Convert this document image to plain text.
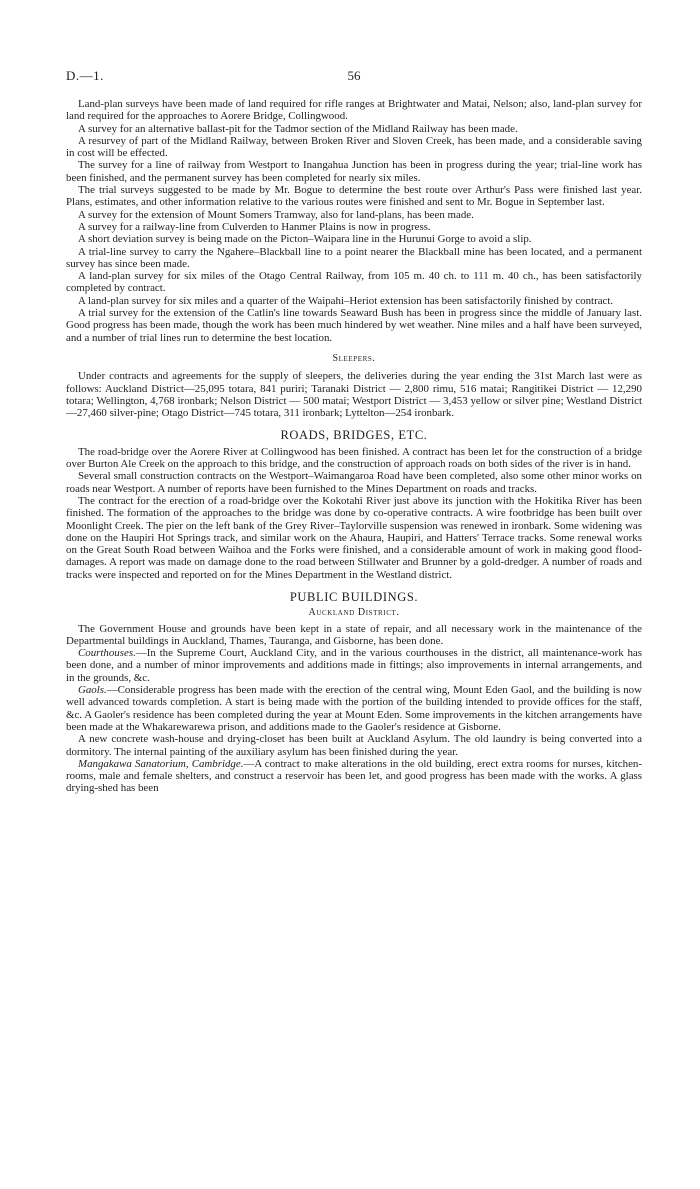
D.—1.	56

Land-plan surveys have been made of land required for rifle ranges at Brightwater and Matai, Nelson; also, land-plan survey for land required for the approaches to Aorere Bridge, Collingwood.

A survey for an alternative ballast-pit for the Tadmor section of the Midland Railway has been made.

A resurvey of part of the Midland Railway, between Broken River and Sloven Creek, has been made, and a considerable saving in cost will be effected.

The survey for a line of railway from Westport to Inangahua Junction has been in progress during the year; trial-line work has been finished, and the permanent survey has been completed for nearly six miles.

The trial surveys suggested to be made by Mr. Bogue to determine the best route over Arthur's Pass were finished last year. Plans, estimates, and other information relative to the various routes were finished and sent to Mr. Bogue in September last.

A survey for the extension of Mount Somers Tramway, also for land-plans, has been made.

A survey for a railway-line from Culverden to Hanmer Plains is now in progress.

A short deviation survey is being made on the Picton–Waipara line in the Hurunui Gorge to avoid a slip.

A trial-line survey to carry the Ngahere–Blackball line to a point nearer the Blackball mine has been located, and a permanent survey has since been made.

A land-plan survey for six miles of the Otago Central Railway, from 105 m. 40 ch. to 111 m. 40 ch., has been satisfactorily completed by contract.

A land-plan survey for six miles and a quarter of the Waipahi–Heriot extension has been satisfactorily finished by contract.

A trial survey for the extension of the Catlin's line towards Seaward Bush has been in progress since the middle of January last. Good progress has been made, though the work has been much hindered by wet weather. Nine miles and a half have been surveyed, and a number of trial lines run to determine the best location.

Sleepers.

Under contracts and agreements for the supply of sleepers, the deliveries during the year ending the 31st March last were as follows: Auckland District—25,095 totara, 841 puriri; Taranaki District — 2,800 rimu, 516 matai; Rangitikei District — 12,290 totara; Wellington, 4,768 ironbark; Nelson District — 500 matai; Westport District — 3,453 yellow or silver pine; Westland District—27,460 silver-pine; Otago District—745 totara, 311 ironbark; Lyttelton—254 ironbark.

ROADS, BRIDGES, ETC.

The road-bridge over the Aorere River at Collingwood has been finished. A contract has been let for the construction of a bridge over Burton Ale Creek on the approach to this bridge, and the construction of approach roads on both sides of the river is in hand.

Several small construction contracts on the Westport–Waimangaroa Road have been completed, also some other minor works on roads near Westport. A number of reports have been furnished to the Mines Department on roads and tracks.

The contract for the erection of a road-bridge over the Kokotahi River just above its junction with the Hokitika River has been finished. The formation of the approaches to the bridge was done by co-operative contracts. A wire footbridge has been built over Moonlight Creek. The pier on the left bank of the Grey River–Taylorville suspension was renewed in ironbark. Some widening was done on the Haupiri Hot Springs track, and similar work on the Ahaura, Haupiri, and Hatters' Terrace tracks. Some renewal works on the Great South Road between Waihoa and the Forks were finished, and a considerable amount of work in making good flood-damages. A report was made on damage done to the road between Stillwater and Brunner by a gold-dredger. A number of roads and tracks were inspected and reported on for the Mines Department in the Westland district.

PUBLIC BUILDINGS.
Auckland District.

The Government House and grounds have been kept in a state of repair, and all necessary work in the maintenance of the Departmental buildings in Auckland, Thames, Tauranga, and Gisborne, has been done.

Courthouses.—In the Supreme Court, Auckland City, and in the various courthouses in the district, all maintenance-work has been done, and a number of minor improvements and additions made in fittings; also improvements in internal arrangements, and in the grounds, &c.

Gaols.—Considerable progress has been made with the erection of the central wing, Mount Eden Gaol, and the building is now well advanced towards completion. A start is being made with the portion of the building intended to provide offices for the staff, &c. A Gaoler's residence has been completed during the year at Mount Eden. Some improvements in the kitchen arrangements have been made at the Whakarewarewa prison, and additions made to the Gaoler's residence at Gisborne.

A new concrete wash-house and drying-closet has been built at Auckland Asylum. The old laundry is being converted into a dormitory. The internal painting of the auxiliary asylum has been finished during the year.

Mangakawa Sanatorium, Cambridge.—A contract to make alterations in the old building, erect extra rooms for nurses, kitchen-rooms, male and female shelters, and construct a reservoir has been let, and good progress has been made with the works. A glass drying-shed has been
